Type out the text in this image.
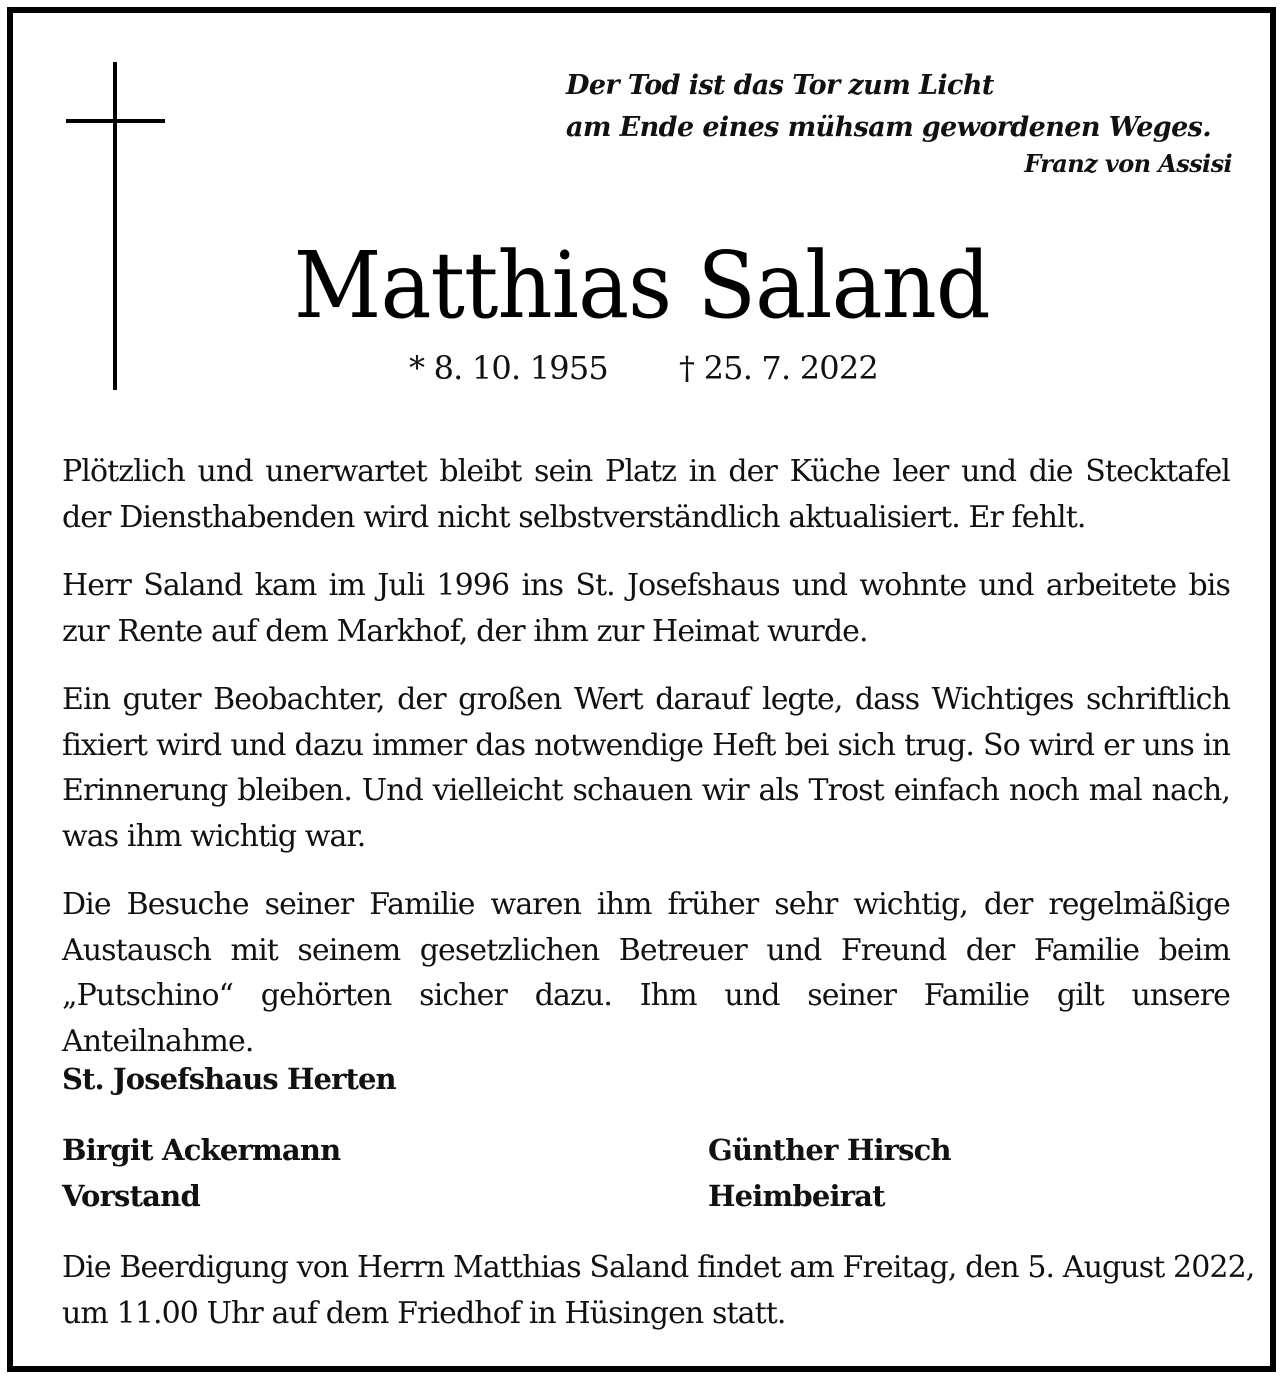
Der Tod ist das Tor zum Licht
am Ende eines mühsam gewordenen Weges.
Franz von Assisi
Matthias Saland
* 8. 10. 1955 † 25. 7. 2022

Plötzlich und unerwartet bleibt sein Platz in der Küche leer und die Stecktafel der Diensthabenden wird nicht selbstverständlich aktualisiert. Er fehlt.

Herr Saland kam im Juli 1996 ins St. Josefshaus und wohnte und arbeitete bis zur Rente auf dem Markhof, der ihm zur Heimat wurde.

Ein guter Beobachter, der großen Wert darauf legte, dass Wichtiges schriftlich fixiert wird und dazu immer das notwendige Heft bei sich trug. So wird er uns in Erinnerung bleiben. Und vielleicht schauen wir als Trost einfach noch mal nach, was ihm wichtig war.

Die Besuche seiner Familie waren ihm früher sehr wichtig, der regelmäßige Austausch mit seinem gesetzlichen Betreuer und Freund der Familie beim „Putschino“ gehörten sicher dazu. Ihm und seiner Familie gilt unsere Anteilnahme.

St. Josefshaus Herten
Birgit Ackermann
Vorstand
Günther Hirsch
Heimbeirat
Die Beerdigung von Herrn Matthias Saland findet am Freitag, den 5. August 2022,
um 11.00 Uhr auf dem Friedhof in Hüsingen statt.
